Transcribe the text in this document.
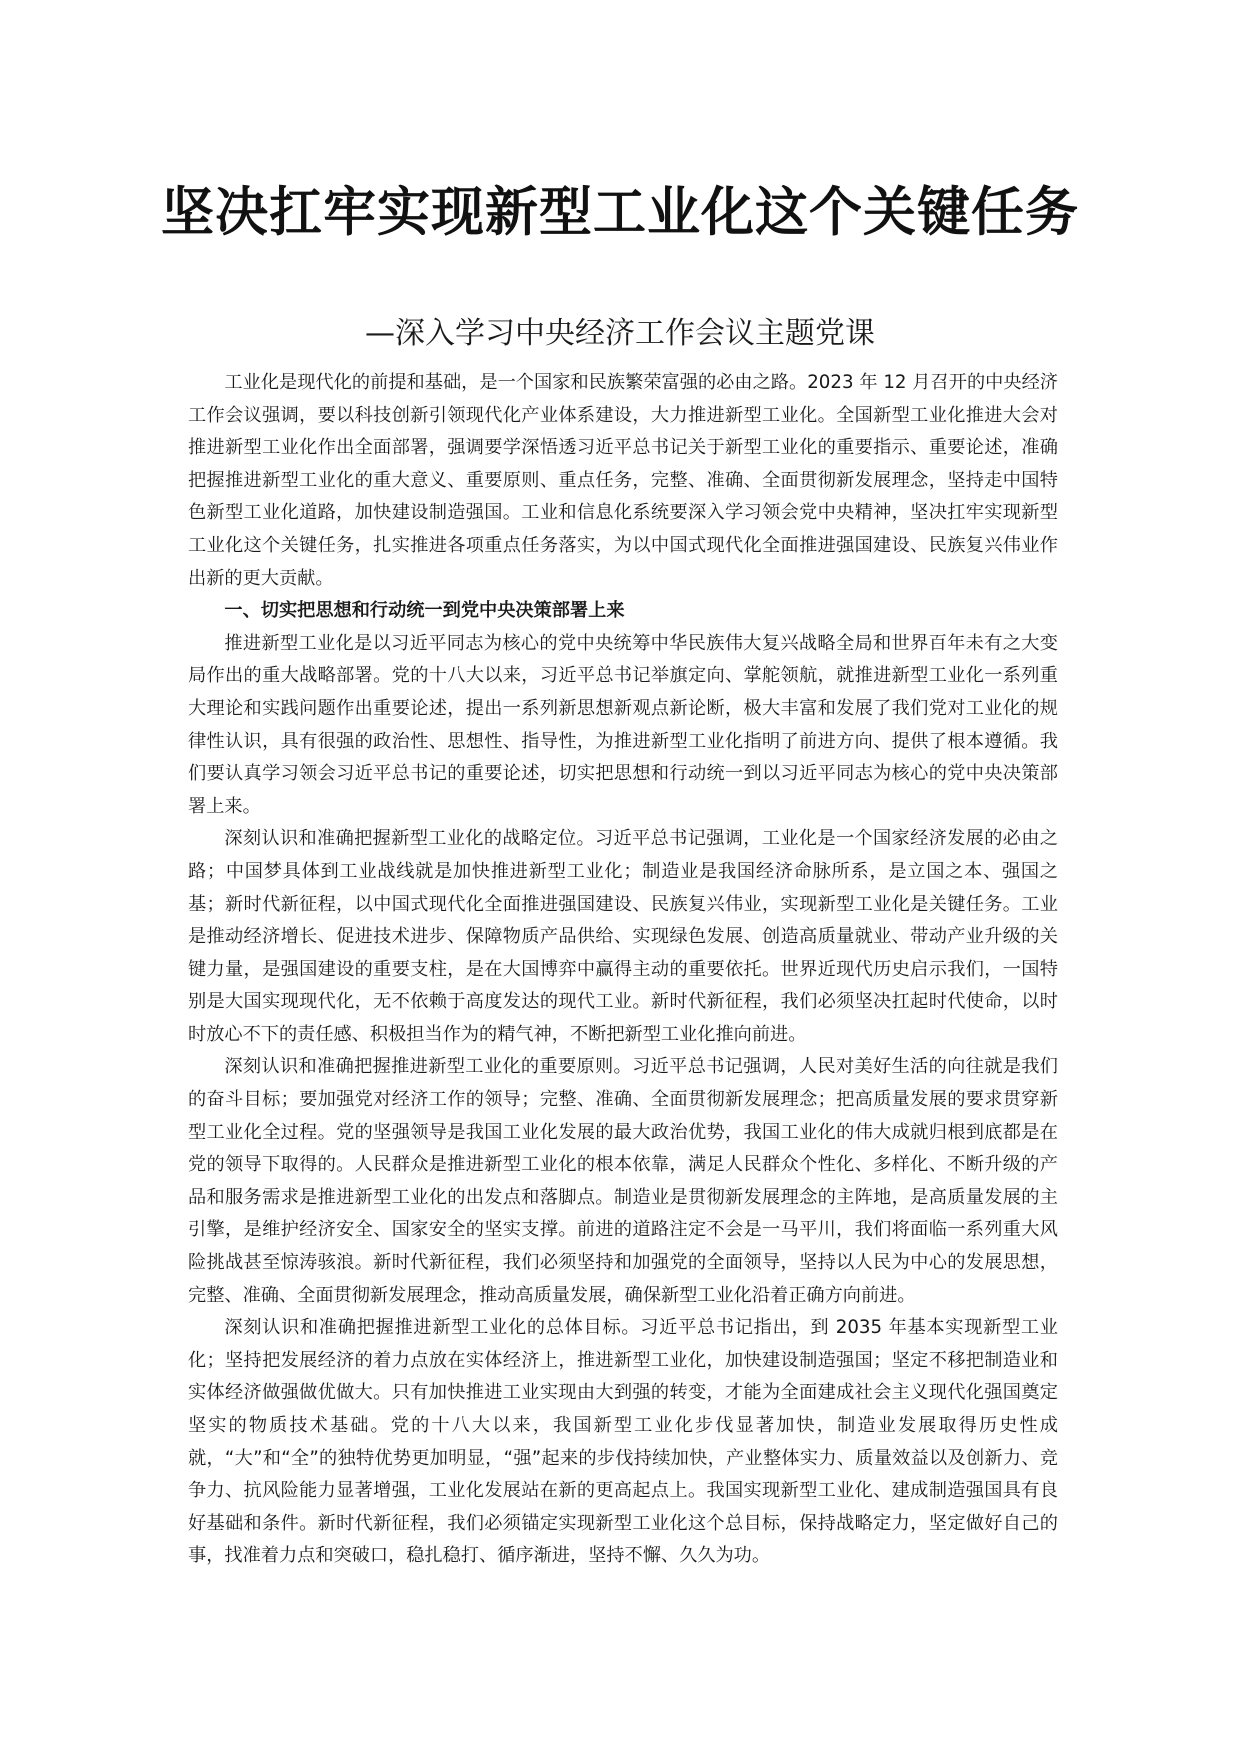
坚决扛牢实现新型工业化这个关键任务
—深入学习中央经济工作会议主题党课

工业化是现代化的前提和基础，是一个国家和民族繁荣富强的必由之路。2023 年 12 月召开的中央经济工作会议强调，要以科技创新引领现代化产业体系建设，大力推进新型工业化。全国新型工业化推进大会对推进新型工业化作出全面部署，强调要学深悟透习近平总书记关于新型工业化的重要指示、重要论述，准确把握推进新型工业化的重大意义、重要原则、重点任务，完整、准确、全面贯彻新发展理念，坚持走中国特色新型工业化道路，加快建设制造强国。工业和信息化系统要深入学习领会党中央精神，坚决扛牢实现新型工业化这个关键任务，扎实推进各项重点任务落实，为以中国式现代化全面推进强国建设、民族复兴伟业作出新的更大贡献。

一、切实把思想和行动统一到党中央决策部署上来

推进新型工业化是以习近平同志为核心的党中央统筹中华民族伟大复兴战略全局和世界百年未有之大变局作出的重大战略部署。党的十八大以来，习近平总书记举旗定向、掌舵领航，就推进新型工业化一系列重大理论和实践问题作出重要论述，提出一系列新思想新观点新论断，极大丰富和发展了我们党对工业化的规律性认识，具有很强的政治性、思想性、指导性，为推进新型工业化指明了前进方向、提供了根本遵循。我们要认真学习领会习近平总书记的重要论述，切实把思想和行动统一到以习近平同志为核心的党中央决策部署上来。

深刻认识和准确把握新型工业化的战略定位。习近平总书记强调，工业化是一个国家经济发展的必由之路；中国梦具体到工业战线就是加快推进新型工业化；制造业是我国经济命脉所系，是立国之本、强国之基；新时代新征程，以中国式现代化全面推进强国建设、民族复兴伟业，实现新型工业化是关键任务。工业是推动经济增长、促进技术进步、保障物质产品供给、实现绿色发展、创造高质量就业、带动产业升级的关键力量，是强国建设的重要支柱，是在大国博弈中赢得主动的重要依托。世界近现代历史启示我们，一国特别是大国实现现代化，无不依赖于高度发达的现代工业。新时代新征程，我们必须坚决扛起时代使命，以时时放心不下的责任感、积极担当作为的精气神，不断把新型工业化推向前进。

深刻认识和准确把握推进新型工业化的重要原则。习近平总书记强调，人民对美好生活的向往就是我们的奋斗目标；要加强党对经济工作的领导；完整、准确、全面贯彻新发展理念；把高质量发展的要求贯穿新型工业化全过程。党的坚强领导是我国工业化发展的最大政治优势，我国工业化的伟大成就归根到底都是在党的领导下取得的。人民群众是推进新型工业化的根本依靠，满足人民群众个性化、多样化、不断升级的产品和服务需求是推进新型工业化的出发点和落脚点。制造业是贯彻新发展理念的主阵地，是高质量发展的主引擎，是维护经济安全、国家安全的坚实支撑。前进的道路注定不会是一马平川，我们将面临一系列重大风险挑战甚至惊涛骇浪。新时代新征程，我们必须坚持和加强党的全面领导，坚持以人民为中心的发展思想，完整、准确、全面贯彻新发展理念，推动高质量发展，确保新型工业化沿着正确方向前进。

深刻认识和准确把握推进新型工业化的总体目标。习近平总书记指出，到 2035 年基本实现新型工业化；坚持把发展经济的着力点放在实体经济上，推进新型工业化，加快建设制造强国；坚定不移把制造业和实体经济做强做优做大。只有加快推进工业实现由大到强的转变，才能为全面建成社会主义现代化强国奠定坚实的物质技术基础。党的十八大以来，我国新型工业化步伐显著加快，制造业发展取得历史性成就，“大”和“全”的独特优势更加明显，“强”起来的步伐持续加快，产业整体实力、质量效益以及创新力、竞争力、抗风险能力显著增强，工业化发展站在新的更高起点上。我国实现新型工业化、建成制造强国具有良好基础和条件。新时代新征程，我们必须锚定实现新型工业化这个总目标，保持战略定力，坚定做好自己的事，找准着力点和突破口，稳扎稳打、循序渐进，坚持不懈、久久为功。
